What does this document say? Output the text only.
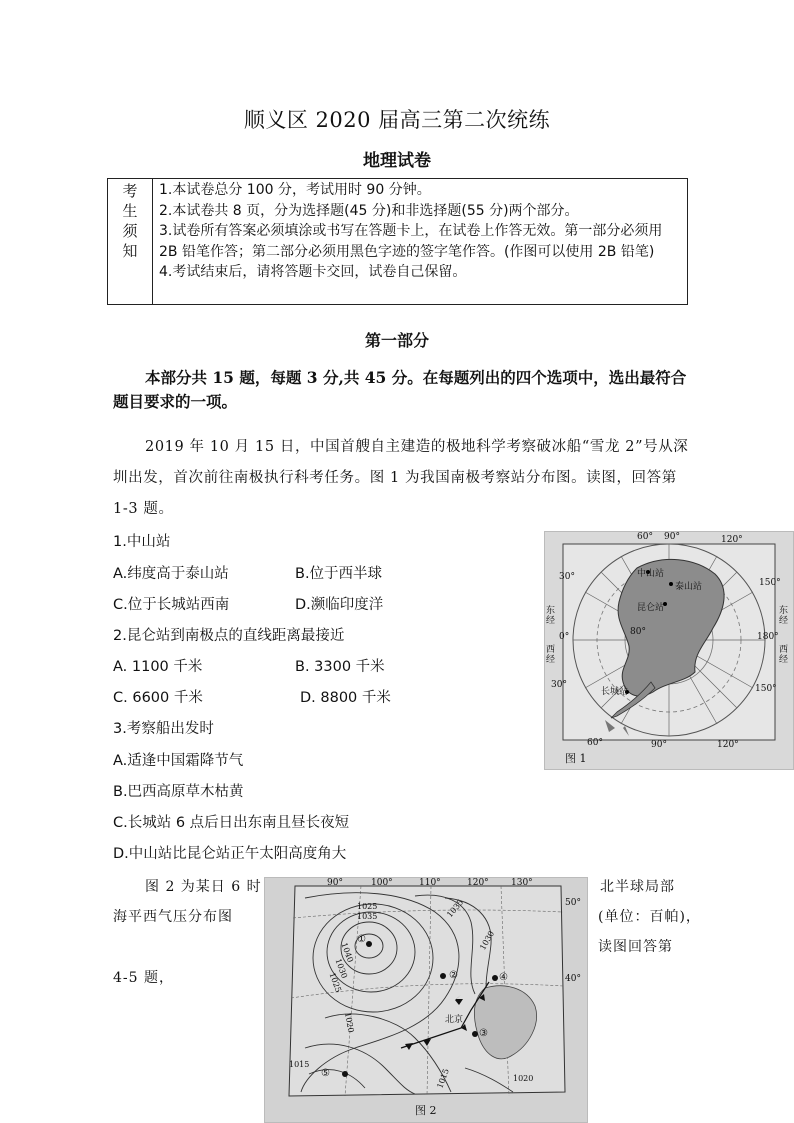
顺义区 2020 届高三第二次统练
地理试卷
考
生
须
知
1.本试卷总分 100 分，考试用时 90 分钟。
2.本试卷共 8 页，分为选择题(45 分)和非选择题(55 分)两个部分。
3.试卷所有答案必须填涂或书写在答题卡上，在试卷上作答无效。第一部分必须用 2B 铅笔作答；第二部分必须用黑色字迹的签字笔作答。(作图可以使用 2B 铅笔)
4.考试结束后，请将答题卡交回，试卷自己保留。
第一部分
本部分共 15 题，每题 3 分,共 45 分。在每题列出的四个选项中，选出最符合题目要求的一项。
2019 年 10 月 15 日，中国首艘自主建造的极地科学考察破冰船“雪龙 2”号从深圳出发，首次前往南极执行科考任务。图 1 为我国南极考察站分布图。读图，回答第 1-3 题。
1.中山站
A.纬度高于泰山站	B.位于西半球
C.位于长城站西南	D.濒临印度洋
2.昆仑站到南极点的直线距离最接近
A. 1100 千米	B. 3300 千米
C. 6600 千米	D. 8800 千米
3.考察船出发时
A.适逢中国霜降节气
B.巴西高原草木枯黄
C.长城站 6 点后日出东南且昼长夜短
D.中山站比昆仑站正午太阳高度角大
图 2 为某日 6 时
海平西气压分布图
4-5 题，
北半球局部
(单位：百帕)，
读图回答第
60° 90°	120°
30°
150°
0°	180°
30°	150°
60°	90°	120°
东经
西经
东经
西经
80°
中山站
泰山站
昆仑站
长城站
图 1
90°	100°	110°	120° 130°
50°
40°
1025
1035
1040
1030
1025
1035
1030
1020
1015
1015	1020
北京
①
②
③
④
⑤
图 2
